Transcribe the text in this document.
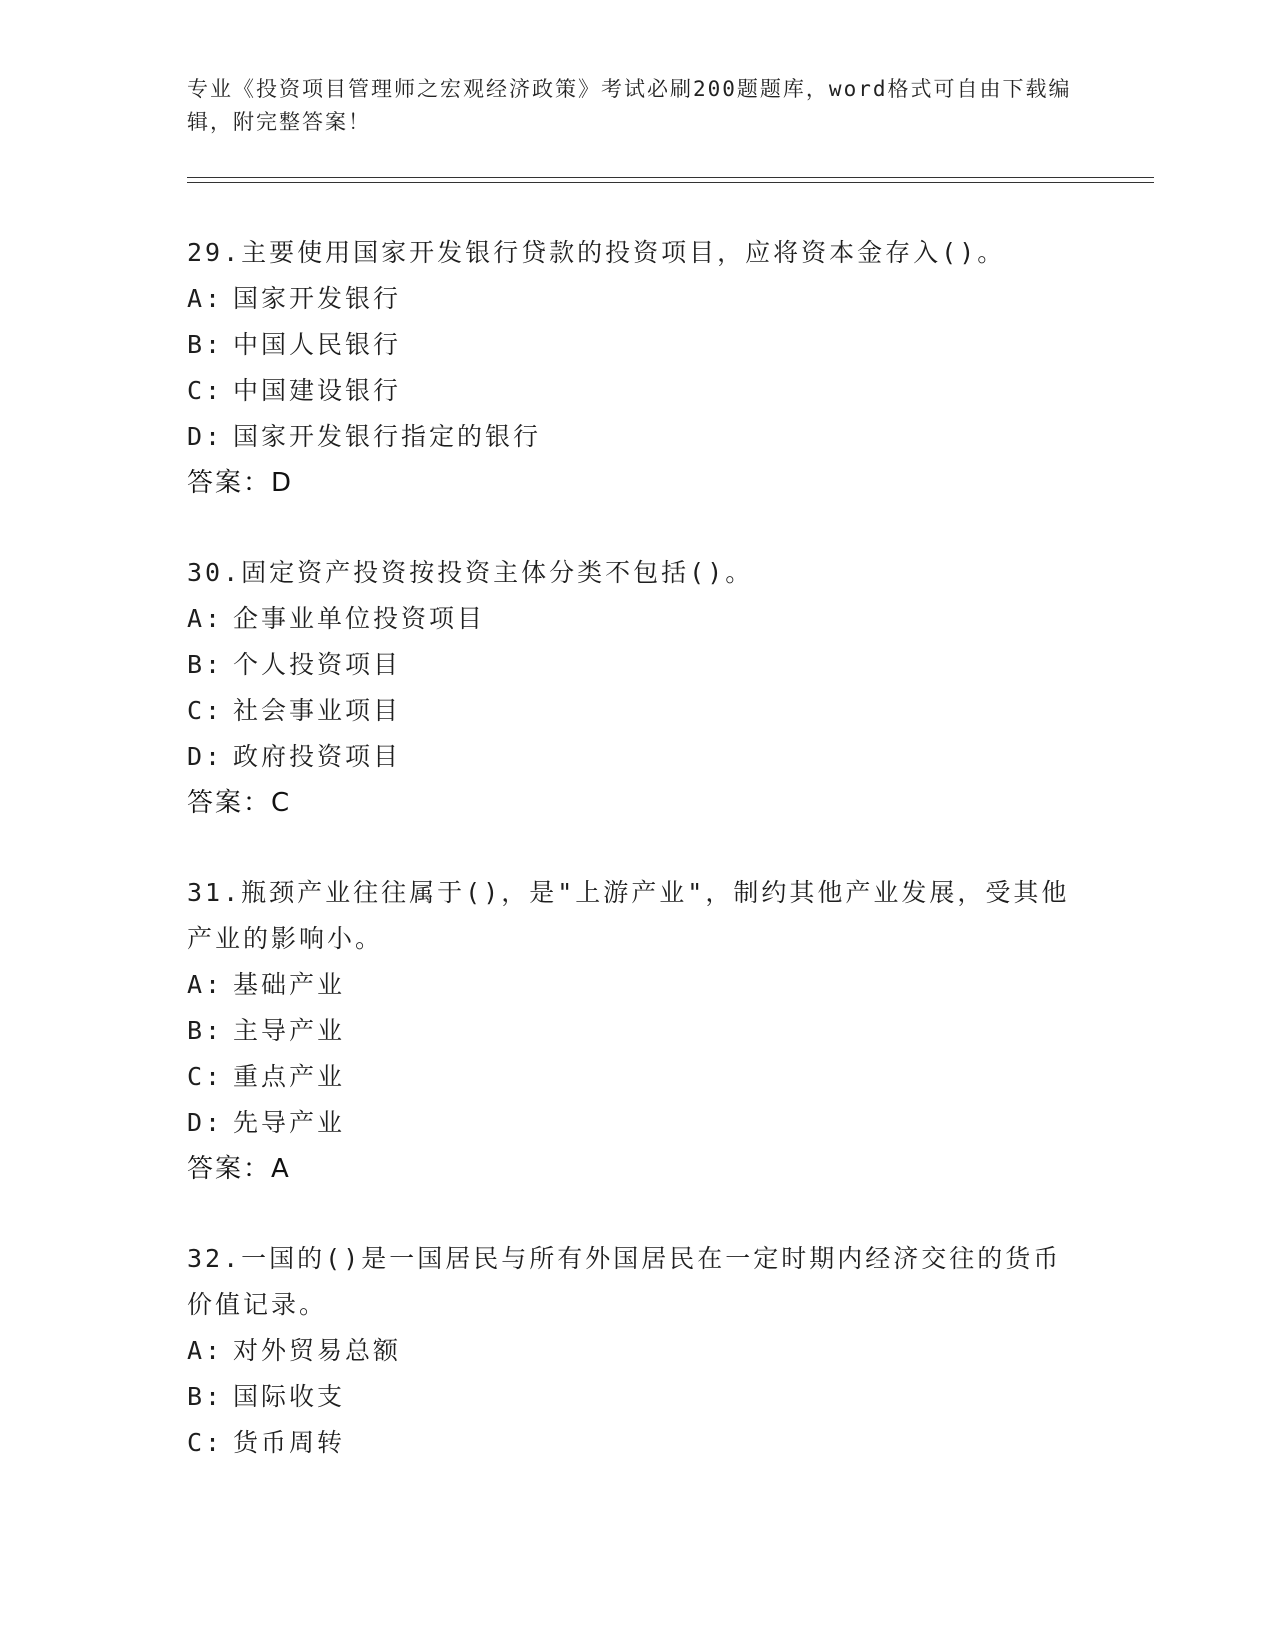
专业《投资项目管理师之宏观经济政策》考试必刷200题题库，word格式可自由下载编辑，附完整答案！
29.主要使用国家开发银行贷款的投资项目，应将资本金存入()。
A: 国家开发银行
B: 中国人民银行
C: 中国建设银行
D: 国家开发银行指定的银行
答案：D
30.固定资产投资按投资主体分类不包括()。
A: 企事业单位投资项目
B: 个人投资项目
C: 社会事业项目
D: 政府投资项目
答案：C
31.瓶颈产业往往属于()，是"上游产业"，制约其他产业发展，受其他产业的影响小。
A: 基础产业
B: 主导产业
C: 重点产业
D: 先导产业
答案：A
32.一国的()是一国居民与所有外国居民在一定时期内经济交往的货币价值记录。
A: 对外贸易总额
B: 国际收支
C: 货币周转
